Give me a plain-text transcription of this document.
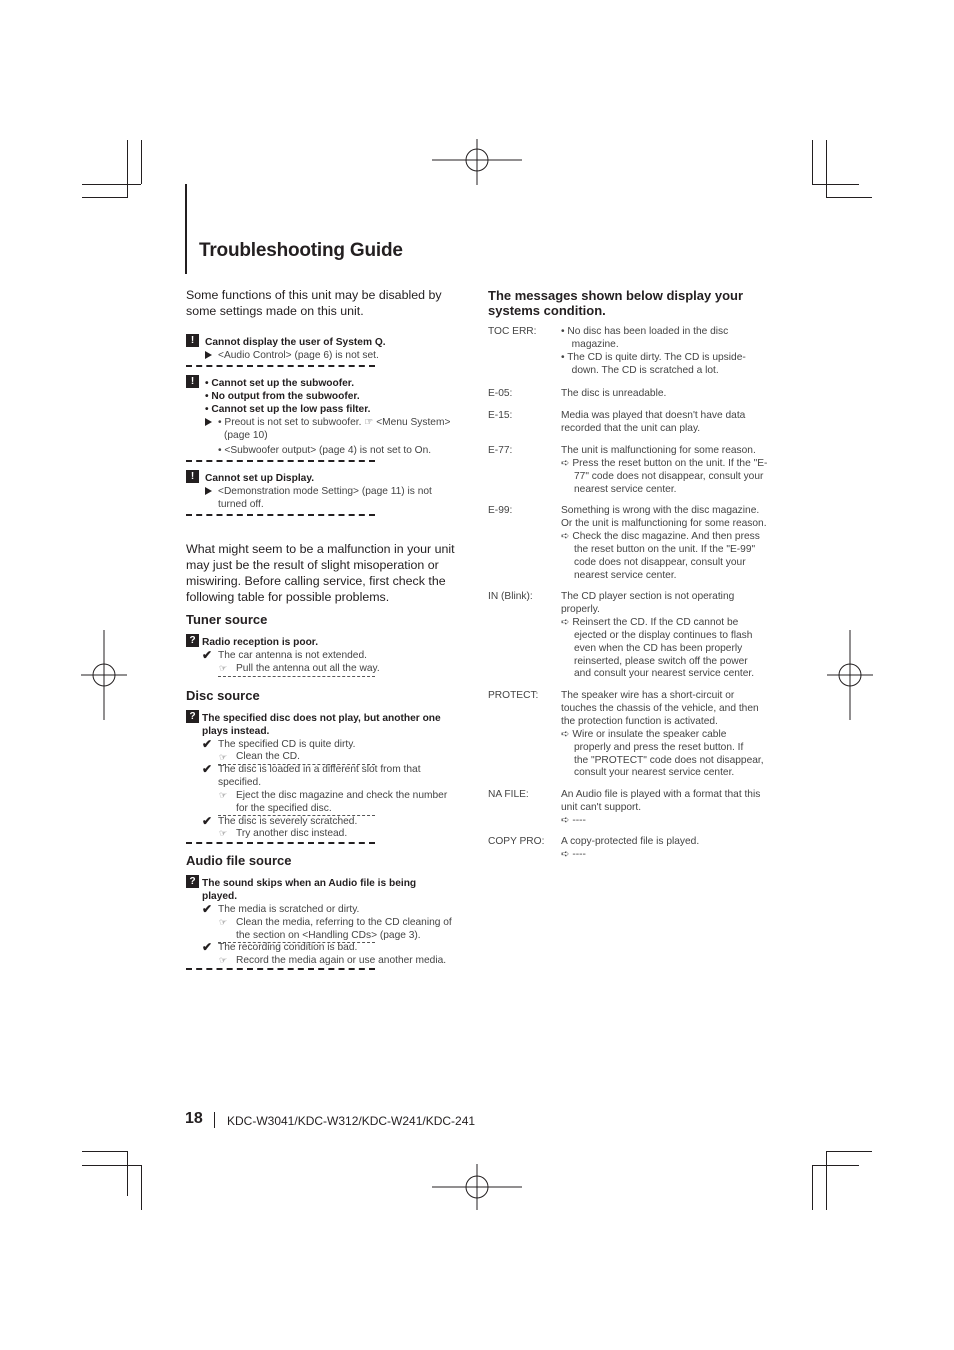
Troubleshooting Guide
Some functions of this unit may be disabled by some settings made on this unit.
!	Cannot display the user of System Q.
<Audio Control> (page 6) is not set.
!	• Cannot set up the subwoofer.
• No output from the subwoofer.
• Cannot set up the low pass filter.
• Preout is not set to subwoofer. ☞ <Menu System>
(page 10)
• <Subwoofer output> (page 4) is not set to On.
!	Cannot set up Display.
<Demonstration mode Setting> (page 11) is not
turned off.
What might seem to be a malfunction in your unit may just be the result of slight misoperation or miswiring. Before calling service, first check the following table for possible problems.
Tuner source
? Radio reception is poor.
✔ The car antenna is not extended.
☞ Pull the antenna out all the way.
Disc source
? The specified disc does not play, but another one
plays instead.
✔ The specified CD is quite dirty.
☞ Clean the CD.
✔ The disc is loaded in a different slot from that
specified.
☞ Eject the disc magazine and check the number
for the specified disc.
✔ The disc is severely scratched.
☞ Try another disc instead.
Audio file source
? The sound skips when an Audio file is being
played.
✔ The media is scratched or dirty.
☞ Clean the media, referring to the CD cleaning of
the section on <Handling CDs> (page 3).
✔ The recording condition is bad.
☞ Record the media again or use another media.
The messages shown below display your
systems condition.
TOC ERR: • No disc has been loaded in the disc
magazine.
• The CD is quite dirty. The CD is upside-
down. The CD is scratched a lot.
E-05:	The disc is unreadable.
E-15:	Media was played that doesn't have data
recorded that the unit can play.
E-77:	The unit is malfunctioning for some reason.
➪ Press the reset button on the unit. If the "E-
77" code does not disappear, consult your
nearest service center.
E-99:	Something is wrong with the disc magazine.
Or the unit is malfunctioning for some reason.
➪ Check the disc magazine. And then press
the reset button on the unit. If the "E-99"
code does not disappear, consult your
nearest service center.
IN (Blink):	The CD player section is not operating
properly.
➪ Reinsert the CD. If the CD cannot be
ejected or the display continues to flash
even when the CD has been properly
reinserted, please switch off the power
and consult your nearest service center.
PROTECT: The speaker wire has a short-circuit or
touches the chassis of the vehicle, and then
the protection function is activated.
➪ Wire or insulate the speaker cable
properly and press the reset button. If
the "PROTECT" code does not disappear,
consult your nearest service center.
NA FILE:	An Audio file is played with a format that this
unit can't support.
➪ ----
COPY PRO: A copy-protected file is played.
➪ ----
18 KDC-W3041/KDC-W312/KDC-W241/KDC-241
